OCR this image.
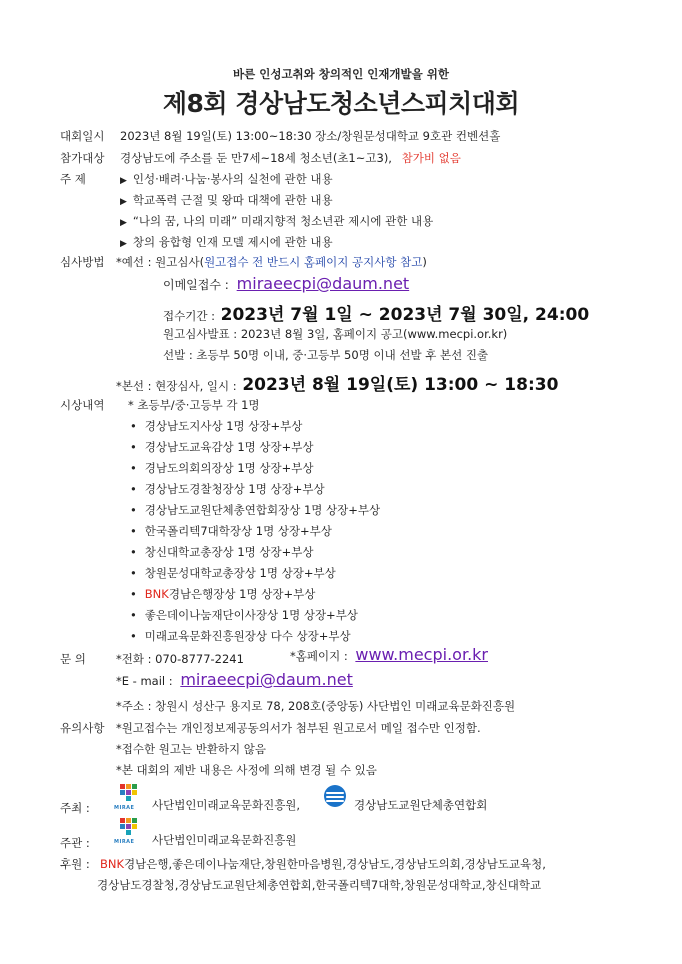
바른 인성고취와 창의적인 인재개발을 위한
제8회 경상남도청소년스피치대회
대회일시 2023년 8월 19일(토) 13:00~18:30 장소/창원문성대학교 9호관 컨벤션홀
참가대상 경상남도에 주소를 둔 만7세~18세 청소년(초1~고3), 참가비 없음
주 제	▶ 인성·배려·나눔·봉사의 실천에 관한 내용
▶ 학교폭력 근절 및 왕따 대책에 관한 내용
▶ “나의 꿈, 나의 미래” 미래지향적 청소년관 제시에 관한 내용
▶ 창의 융합형 인재 모델 제시에 관한 내용
심사방법 *예선 : 원고심사(원고접수 전 반드시 홈페이지 공지사항 참고)
이메일접수 : miraeecpi@daum.net
접수기간 : 2023년 7월 1일 ~ 2023년 7월 30일, 24:00
원고심사발표 : 2023년 8월 3일, 홈페이지 공고(www.mecpi.or.kr)
선발 : 초등부 50명 이내, 중·고등부 50명 이내 선발 후 본선 진출
*본선 : 현장심사, 일시 : 2023년 8월 19일(토) 13:00 ~ 18:30
시상내역 * 초등부/중·고등부 각 1명
• 경상남도지사상 1명 상장+부상
• 경상남도교육감상 1명 상장+부상
• 경남도의회의장상 1명 상장+부상
• 경상남도경찰청장상 1명 상장+부상
• 경상남도교원단체총연합회장상 1명 상장+부상
• 한국폴리텍7대학장상 1명 상장+부상
• 창신대학교총장상 1명 상장+부상
• 창원문성대학교총장상 1명 상장+부상
• BNK경남은행장상 1명 상장+부상
• 좋은데이나눔재단이사장상 1명 상장+부상
• 미래교육문화진흥원장상 다수 상장+부상
문 의	*전화 : 070-8777-2241	*홈페이지 : www.mecpi.or.kr
*E - mail : miraeecpi@daum.net
*주소 : 창원시 성산구 용지로 78, 208호(중앙동) 사단법인 미래교육문화진흥원
유의사항 *원고접수는 개인정보제공동의서가 첨부된 원고로서 메일 접수만 인정함.
*접수한 원고는 반환하지 않음
*본 대회의 제반 내용은 사정에 의해 변경 될 수 있음
주최 :	MIRAE 사단법인미래교육문화진흥원,	경상남도교원단체총연합회
주관 :	MIRAE 사단법인미래교육문화진흥원
후원 : BNK경남은행,좋은데이나눔재단,창원한마음병원,경상남도,경상남도의회,경상남도교육청,
경상남도경찰청,경상남도교원단체총연합회,한국폴리텍7대학,창원문성대학교,창신대학교
